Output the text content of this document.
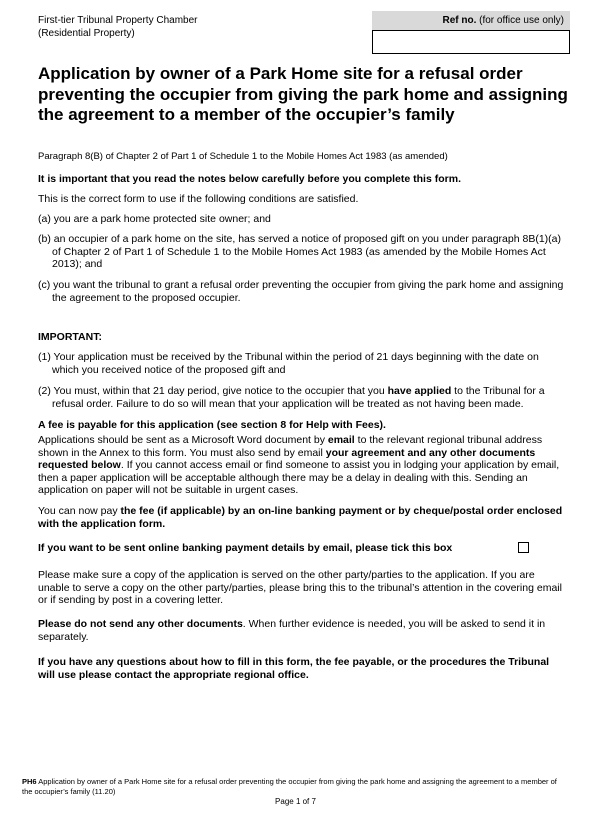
First-tier Tribunal Property Chamber
(Residential Property)
Ref no. (for office use only)
Application by owner of a Park Home site for a refusal order preventing the occupier from giving the park home and assigning the agreement to a member of the occupier’s family
Paragraph 8(B) of Chapter 2 of Part 1 of Schedule 1 to the Mobile Homes Act 1983 (as amended)
It is important that you read the notes below carefully before you complete this form.
This is the correct form to use if the following conditions are satisfied.
(a) you are a park home protected site owner; and
(b) an occupier of a park home on the site, has served a notice of proposed gift on you under paragraph 8B(1)(a) of Chapter 2 of Part 1 of Schedule 1 to the Mobile Homes Act 1983 (as amended by the Mobile Homes Act 2013); and
(c) you want the tribunal to grant a refusal order preventing the occupier from giving the park home and assigning the agreement to the proposed occupier.
IMPORTANT:
(1) Your application must be received by the Tribunal within the period of 21 days beginning with the date on which you received notice of the proposed gift and
(2) You must, within that 21 day period, give notice to the occupier that you have applied to the Tribunal for a refusal order. Failure to do so will mean that your application will be treated as not having been made.
A fee is payable for this application (see section 8 for Help with Fees).
Applications should be sent as a Microsoft Word document by email to the relevant regional tribunal address shown in the Annex to this form. You must also send by email your agreement and any other documents requested below. If you cannot access email or find someone to assist you in lodging your application by email, then a paper application will be acceptable although there may be a delay in dealing with this. Sending an application on paper will not be suitable in urgent cases.
You can now pay the fee (if applicable) by an on-line banking payment or by cheque/postal order enclosed with the application form.
If you want to be sent online banking payment details by email, please tick this box
Please make sure a copy of the application is served on the other party/parties to the application. If you are unable to serve a copy on the other party/parties, please bring this to the tribunal’s attention in the covering email or if sending by post in a covering letter.
Please do not send any other documents. When further evidence is needed, you will be asked to send it in separately.
If you have any questions about how to fill in this form, the fee payable, or the procedures the Tribunal will use please contact the appropriate regional office.
PH6 Application by owner of a Park Home site for a refusal order preventing the occupier from giving the park home and assigning the agreement to a member of the occupier’s family (11.20)
Page 1 of 7
